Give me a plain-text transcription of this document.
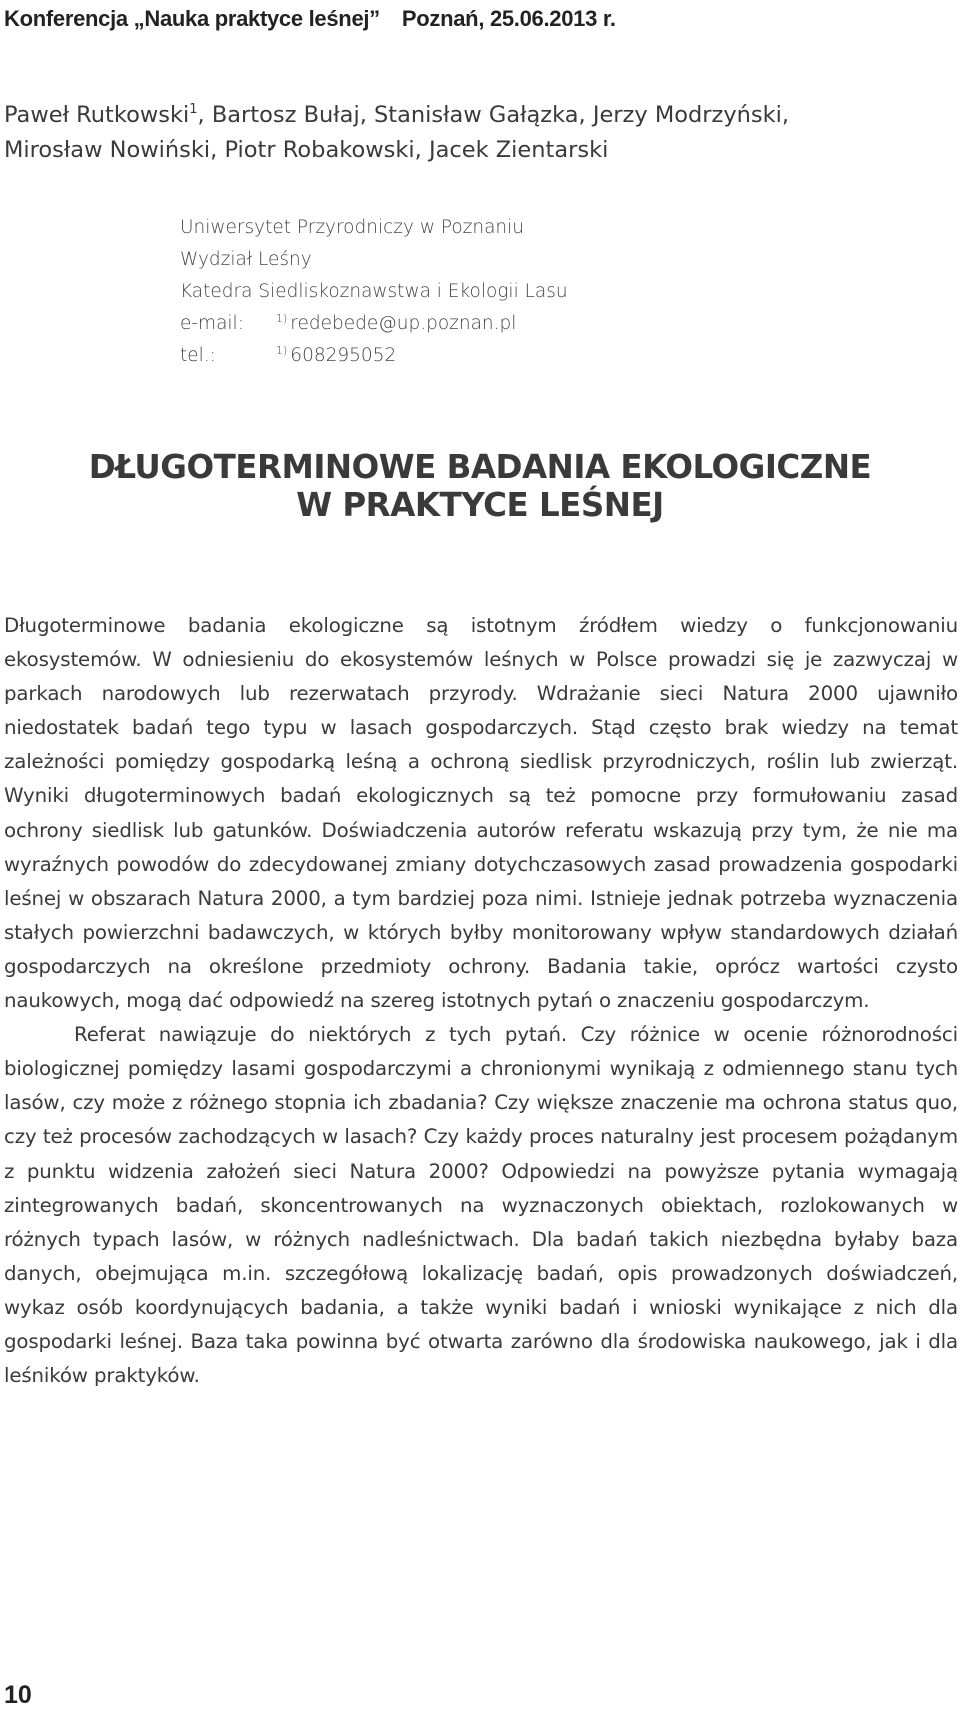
Konferencja „Nauka praktyce leśnej” Poznań, 25.06.2013 r.
Paweł Rutkowski$^1$, Bartosz Bułaj, Stanisław Gałązka, Jerzy Modrzyński,
Mirosław Nowiński, Piotr Robakowski, Jacek Zientarski
Uniwersytet Przyrodniczy w Poznaniu
Wydział Leśny
Katedra Siedliskoznawstwa i Ekologii Lasu
e-mail:	$^{1)}$ redebede@up.poznan.pl
tel.:	$^{1)}$ 608295052
DŁUGOTERMINOWE BADANIA EKOLOGICZNE
W PRAKTYCE LEŚNEJ

Długoterminowe badania ekologiczne są istotnym źródłem wiedzy o funkcjonowaniu ekosystemów. W odniesieniu do ekosystemów leśnych w Polsce prowadzi się je zazwyczaj w parkach narodowych lub rezerwatach przyrody. Wdrażanie sieci Natura 2000 ujawniło niedostatek badań tego typu w lasach gospodarczych. Stąd często brak wiedzy na temat zależności pomiędzy gospodarką leśną a ochroną siedlisk przyrodniczych, roślin lub zwierząt. Wyniki długoterminowych badań ekologicznych są też pomocne przy formułowaniu zasad ochrony siedlisk lub gatunków. Doświadczenia autorów referatu wskazują przy tym, że nie ma wyraźnych powodów do zdecydowanej zmiany dotychczasowych zasad prowadzenia gospodarki leśnej w obszarach Natura 2000, a tym bardziej poza nimi. Istnieje jednak potrzeba wyznaczenia stałych powierzchni badawczych, w których byłby monitorowany wpływ standardowych działań gospodarczych na określone przedmioty ochrony. Badania takie, oprócz wartości czysto naukowych, mogą dać odpowiedź na szereg istotnych pytań o znaczeniu gospodarczym.

Referat nawiązuje do niektórych z tych pytań. Czy różnice w ocenie różnorodności biologicznej pomiędzy lasami gospodarczymi a chronionymi wynikają z odmiennego stanu tych lasów, czy może z różnego stopnia ich zbadania? Czy większe znaczenie ma ochrona status quo, czy też procesów zachodzących w lasach? Czy każdy proces naturalny jest procesem pożądanym z punktu widzenia założeń sieci Natura 2000? Odpowiedzi na powyższe pytania wymagają zintegrowanych badań, skoncentrowanych na wyznaczonych obiektach, rozlokowanych w różnych typach lasów, w różnych nadleśnictwach. Dla badań takich niezbędna byłaby baza danych, obejmująca m.in. szczegółową lokalizację badań, opis prowadzonych doświadczeń, wykaz osób koordynujących badania, a także wyniki badań i wnioski wynikające z nich dla gospodarki leśnej. Baza taka powinna być otwarta zarówno dla środowiska naukowego, jak i dla leśników praktyków.

10
